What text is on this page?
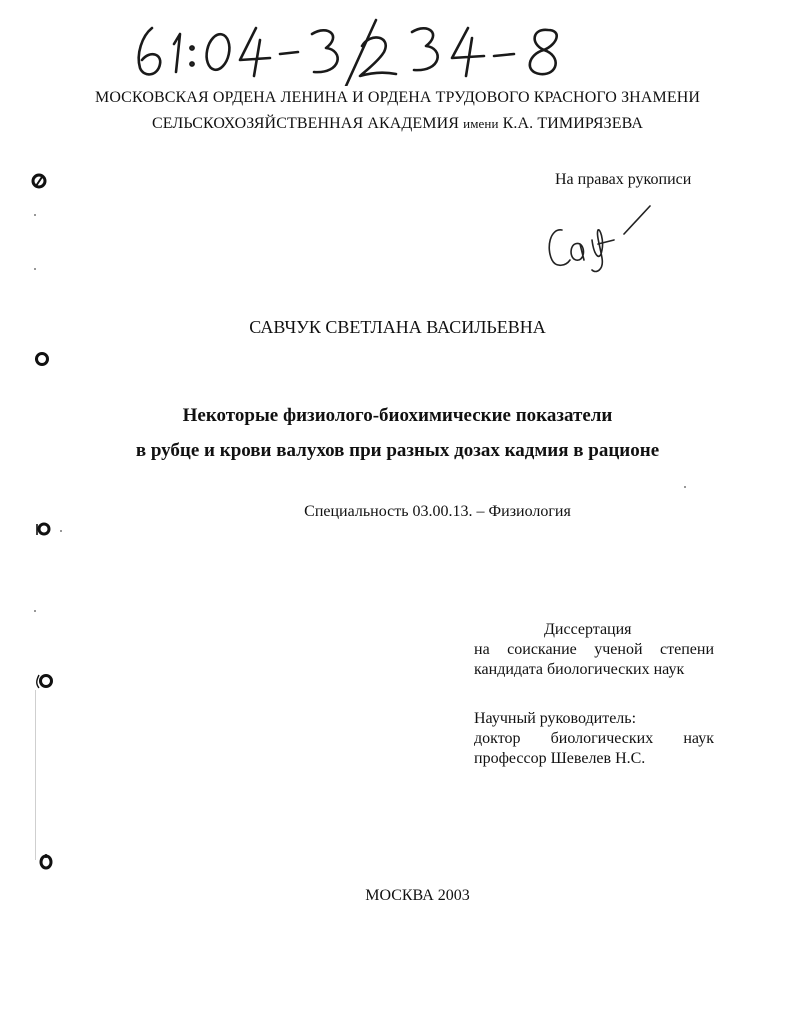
МОСКОВСКАЯ ОРДЕНА ЛЕНИНА И ОРДЕНА ТРУДОВОГО КРАСНОГО ЗНАМЕНИ
СЕЛЬСКОХОЗЯЙСТВЕННАЯ АКАДЕМИЯ имени К.А. ТИМИРЯЗЕВА
На правах рукописи
САВЧУК СВЕТЛАНА ВАСИЛЬЕВНА
Некоторые физиолого-биохимические показатели
в рубце и крови валухов при разных дозах кадмия в рационе
Специальность 03.00.13. – Физиология
Диссертация
на соискание ученой степени
кандидата биологических наук
Научный руководитель:
доктор биологических наук
профессор Шевелев Н.С.
МОСКВА 2003
